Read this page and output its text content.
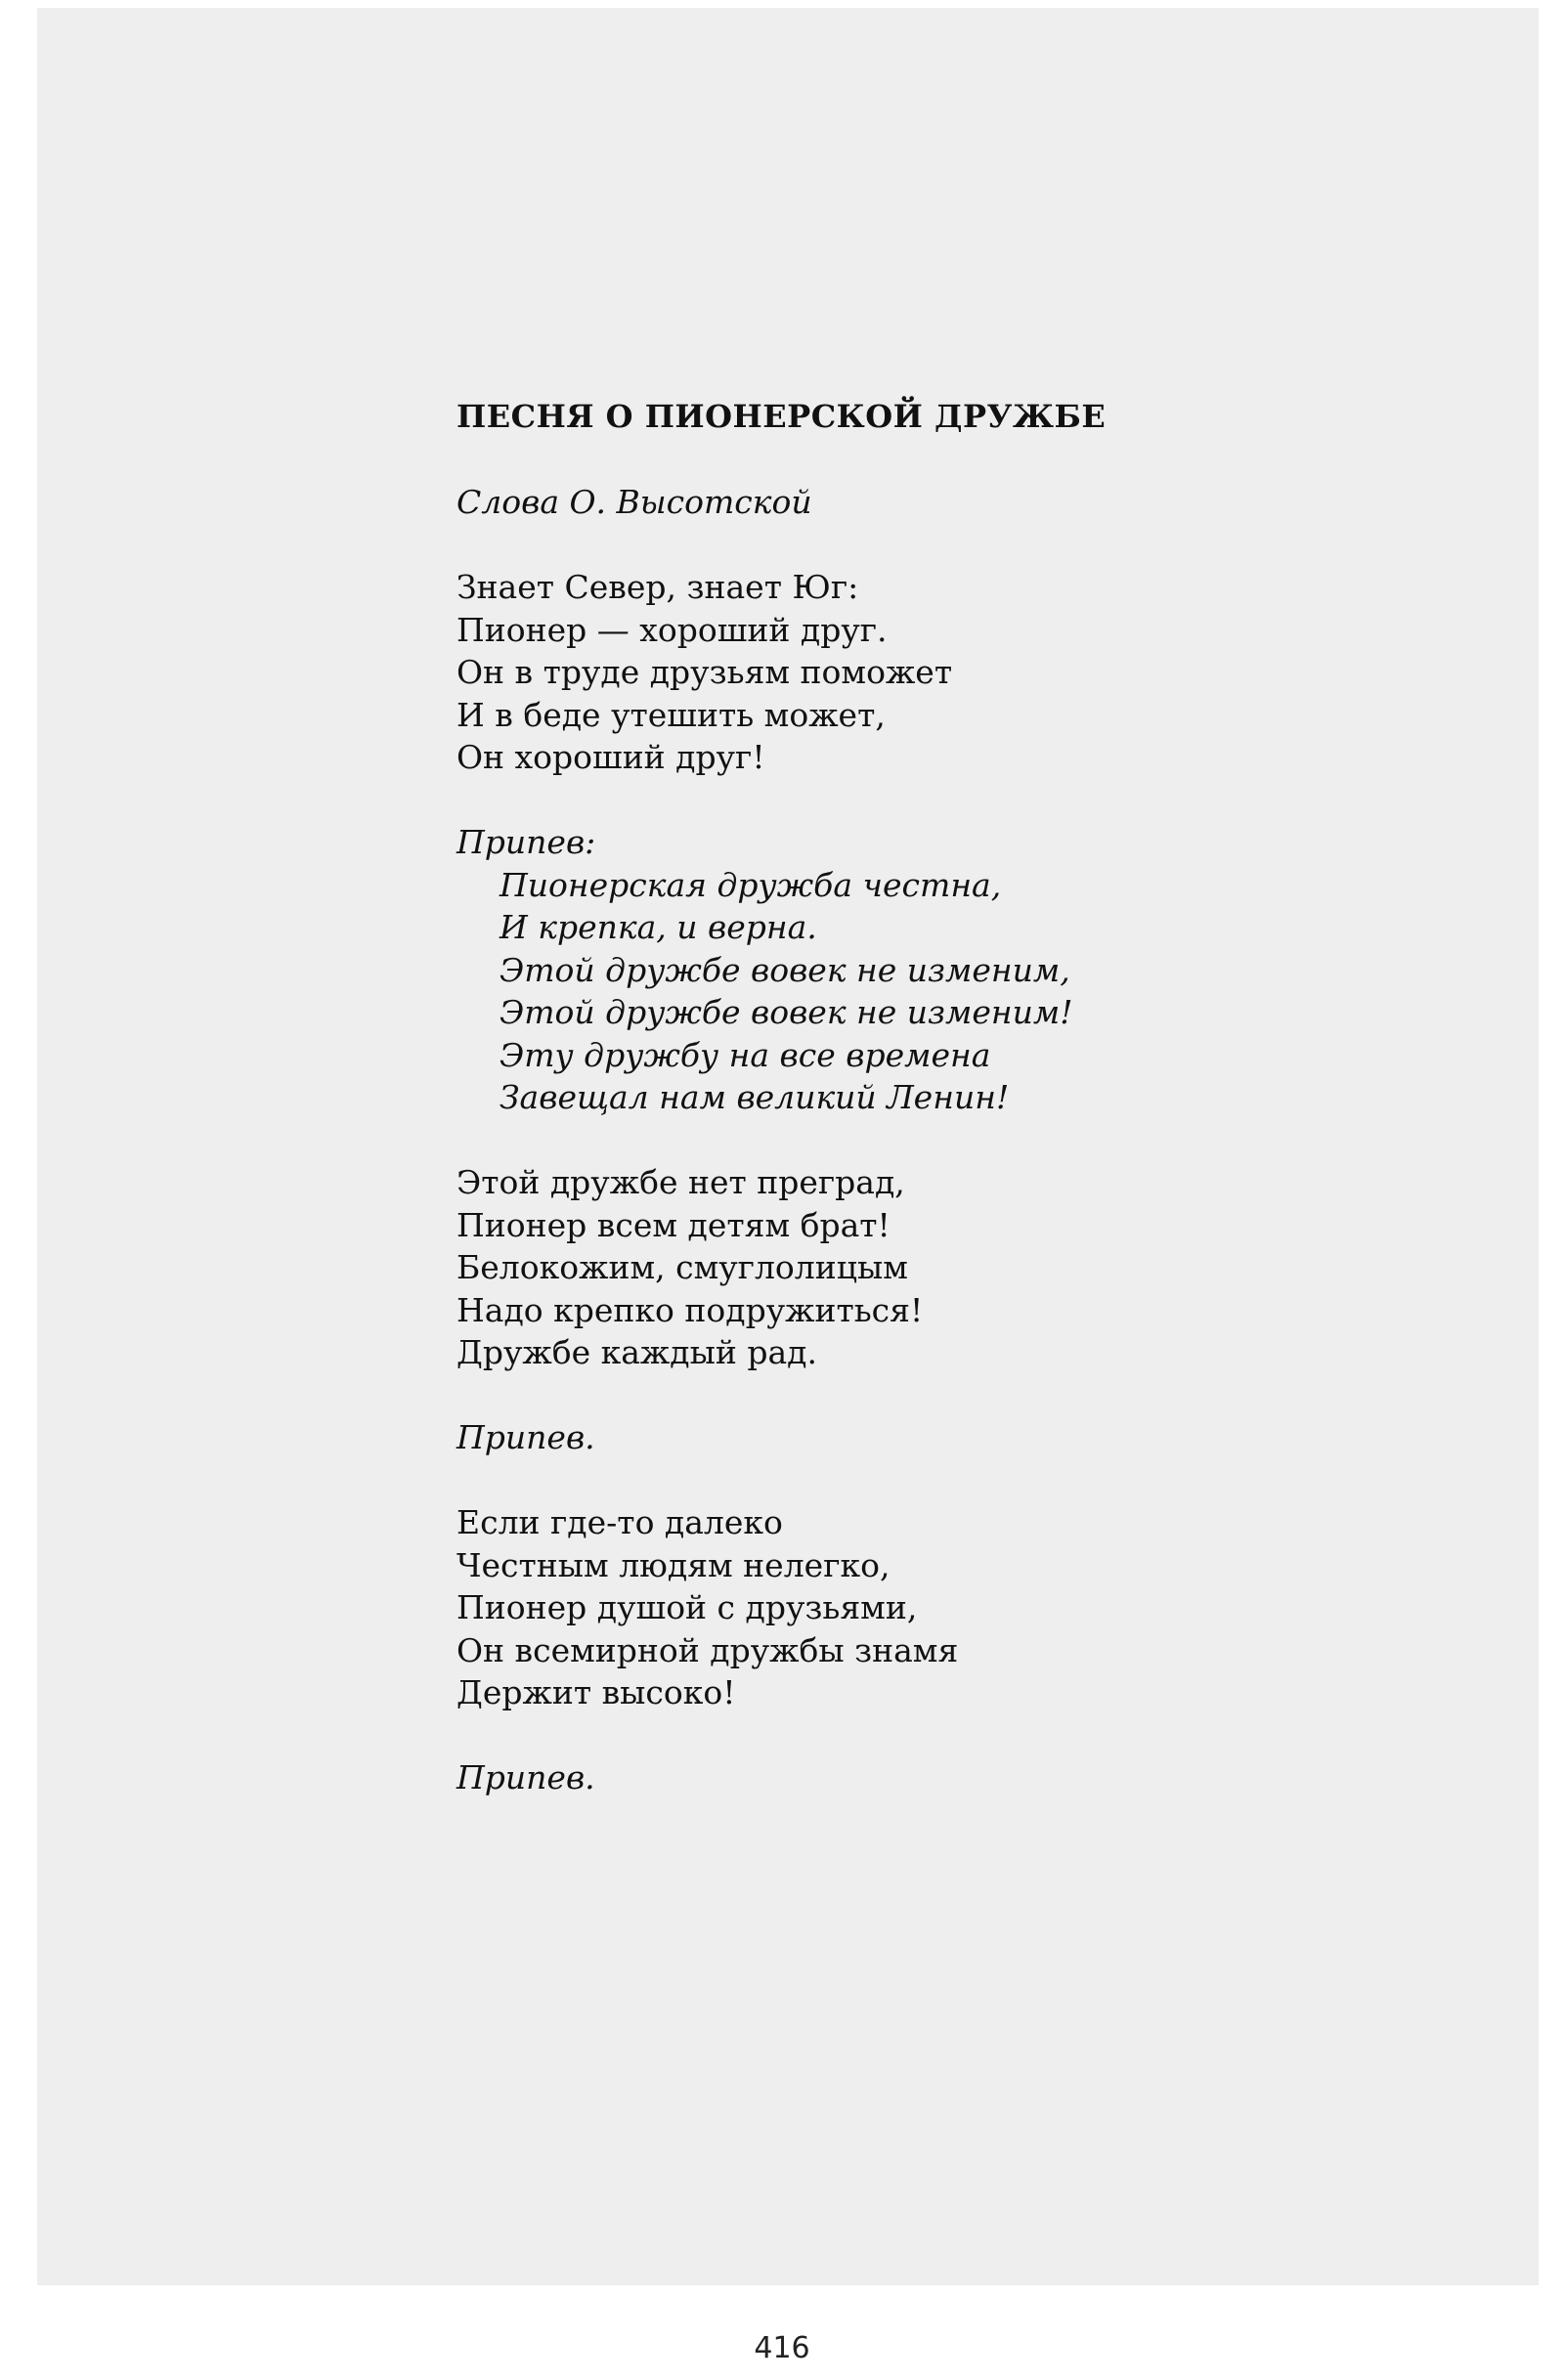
ПЕСНЯ О ПИОНЕРСКОЙ ДРУЖБЕ
Слова О. Высотской
Знает Север, знает Юг:
Пионер — хороший друг.
Он в труде друзьям поможет
И в беде утешить может,
Он хороший друг!
Припев:
Пионерская дружба честна,
И крепка, и верна.
Этой дружбе вовек не изменим,
Этой дружбе вовек не изменим!
Эту дружбу на все времена
Завещал нам великий Ленин!
Этой дружбе нет преград,
Пионер всем детям брат!
Белокожим, смуглолицым
Надо крепко подружиться!
Дружбе каждый рад.
Припев.
Если где-то далеко
Честным людям нелегко,
Пионер душой с друзьями,
Он всемирной дружбы знамя
Держит высоко!
Припев.
416
